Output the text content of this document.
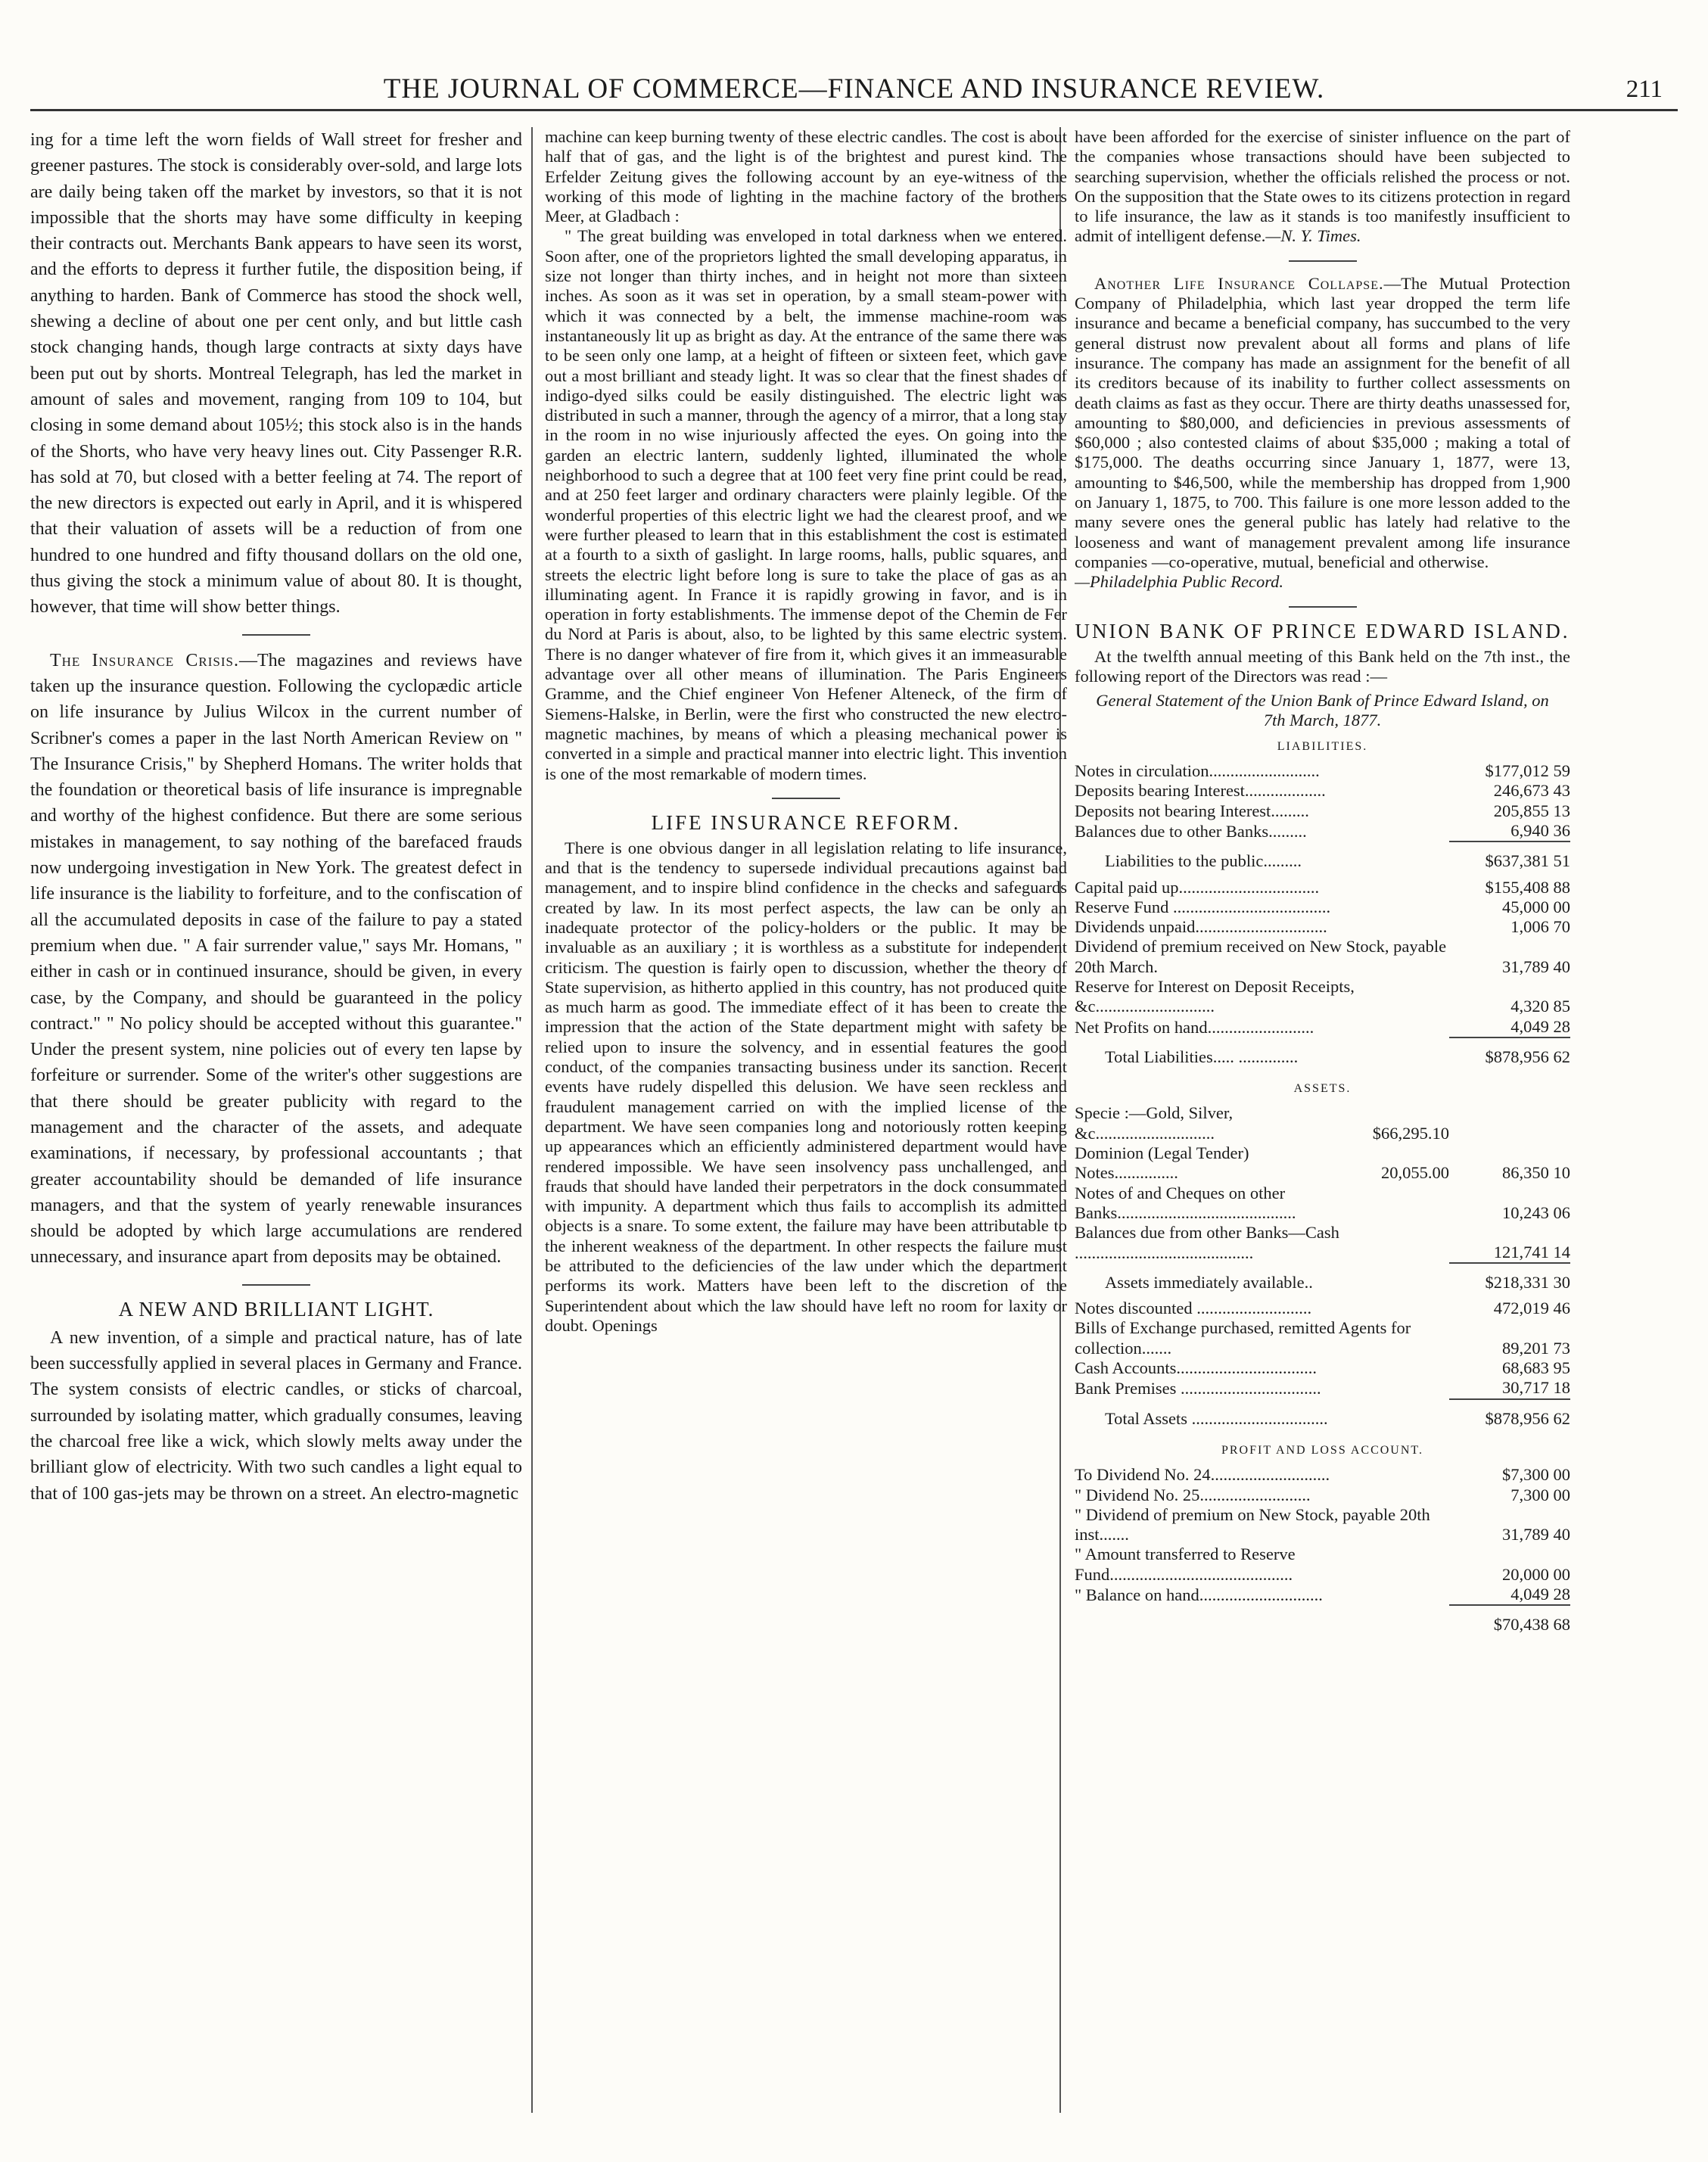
THE JOURNAL OF COMMERCE—FINANCE AND INSURANCE REVIEW.	211

ing for a time left the worn fields of Wall street for fresher and greener pastures. The stock is considerably over-sold, and large lots are daily being taken off the market by investors, so that it is not impossible that the shorts may have some difficulty in keeping their contracts out. Merchants Bank appears to have seen its worst, and the efforts to depress it further futile, the disposition being, if anything to harden. Bank of Commerce has stood the shock well, shewing a decline of about one per cent only, and but little cash stock changing hands, though large contracts at sixty days have been put out by shorts. Montreal Telegraph, has led the market in amount of sales and movement, ranging from 109 to 104, but closing in some demand about 105½; this stock also is in the hands of the Shorts, who have very heavy lines out. City Passenger R.R. has sold at 70, but closed with a better feeling at 74. The report of the new directors is expected out early in April, and it is whispered that their valuation of assets will be a reduction of from one hundred to one hundred and fifty thousand dollars on the old one, thus giving the stock a minimum value of about 80. It is thought, however, that time will show better things.

The Insurance Crisis.—The magazines and reviews have taken up the insurance question. Following the cyclopædic article on life insurance by Julius Wilcox in the current number of Scribner's comes a paper in the last North American Review on " The Insurance Crisis," by Shepherd Homans. The writer holds that the foundation or theoretical basis of life insurance is impregnable and worthy of the highest confidence. But there are some serious mistakes in management, to say nothing of the barefaced frauds now undergoing investigation in New York. The greatest defect in life insurance is the liability to forfeiture, and to the confiscation of all the accumulated deposits in case of the failure to pay a stated premium when due. " A fair surrender value," says Mr. Homans, " either in cash or in continued insurance, should be given, in every case, by the Company, and should be guaranteed in the policy contract." " No policy should be accepted without this guarantee." Under the present system, nine policies out of every ten lapse by forfeiture or surrender. Some of the writer's other suggestions are that there should be greater publicity with regard to the management and the character of the assets, and adequate examinations, if necessary, by professional accountants ; that greater accountability should be demanded of life insurance managers, and that the system of yearly renewable insurances should be adopted by which large accumulations are rendered unnecessary, and insurance apart from deposits may be obtained.

A NEW AND BRILLIANT LIGHT.

A new invention, of a simple and practical nature, has of late been successfully applied in several places in Germany and France. The system consists of electric candles, or sticks of charcoal, surrounded by isolating matter, which gradually consumes, leaving the charcoal free like a wick, which slowly melts away under the brilliant glow of electricity. With two such candles a light equal to that of 100 gas-jets may be thrown on a street. An electro-magnetic

machine can keep burning twenty of these electric candles. The cost is about half that of gas, and the light is of the brightest and purest kind. The Erfelder Zeitung gives the following account by an eye-witness of the working of this mode of lighting in the machine factory of the brothers Meer, at Gladbach :

" The great building was enveloped in total darkness when we entered. Soon after, one of the proprietors lighted the small developing apparatus, in size not longer than thirty inches, and in height not more than sixteen inches. As soon as it was set in operation, by a small steam-power with which it was connected by a belt, the immense machine-room was instantaneously lit up as bright as day. At the entrance of the same there was to be seen only one lamp, at a height of fifteen or sixteen feet, which gave out a most brilliant and steady light. It was so clear that the finest shades of indigo-dyed silks could be easily distinguished. The electric light was distributed in such a manner, through the agency of a mirror, that a long stay in the room in no wise injuriously affected the eyes. On going into the garden an electric lantern, suddenly lighted, illuminated the whole neighborhood to such a degree that at 100 feet very fine print could be read, and at 250 feet larger and ordinary characters were plainly legible. Of the wonderful properties of this electric light we had the clearest proof, and we were further pleased to learn that in this establishment the cost is estimated at a fourth to a sixth of gaslight. In large rooms, halls, public squares, and streets the electric light before long is sure to take the place of gas as an illuminating agent. In France it is rapidly growing in favor, and is in operation in forty establishments. The immense depot of the Chemin de Fer du Nord at Paris is about, also, to be lighted by this same electric system. There is no danger whatever of fire from it, which gives it an immeasurable advantage over all other means of illumination. The Paris Engineers Gramme, and the Chief engineer Von Hefener Alteneck, of the firm of Siemens-Halske, in Berlin, were the first who constructed the new electro-magnetic machines, by means of which a pleasing mechanical power is converted in a simple and practical manner into electric light. This invention is one of the most remarkable of modern times.

LIFE INSURANCE REFORM.

There is one obvious danger in all legislation relating to life insurance, and that is the tendency to supersede individual precautions against bad management, and to inspire blind confidence in the checks and safeguards created by law. In its most perfect aspects, the law can be only an inadequate protector of the policy-holders or the public. It may be invaluable as an auxiliary ; it is worthless as a substitute for independent criticism. The question is fairly open to discussion, whether the theory of State supervision, as hitherto applied in this country, has not produced quite as much harm as good. The immediate effect of it has been to create the impression that the action of the State department might with safety be relied upon to insure the solvency, and in essential features the good conduct, of the companies transacting business under its sanction. Recent events have rudely dispelled this delusion. We have seen reckless and fraudulent management carried on with the implied license of the department. We have seen companies long and notoriously rotten keeping up appearances which an efficiently administered department would have rendered impossible. We have seen insolvency pass unchallenged, and frauds that should have landed their perpetrators in the dock consummated with impunity. A department which thus fails to accomplish its admitted objects is a snare. To some extent, the failure may have been attributable to the inherent weakness of the department. In other respects the failure must be attributed to the deficiencies of the law under which the department performs its work. Matters have been left to the discretion of the Superintendent about which the law should have left no room for laxity or doubt. Openings

have been afforded for the exercise of sinister influence on the part of the companies whose transactions should have been subjected to searching supervision, whether the officials relished the process or not. On the supposition that the State owes to its citizens protection in regard to life insurance, the law as it stands is too manifestly insufficient to admit of intelligent defense.—N. Y. Times.

Another Life Insurance Collapse.—The Mutual Protection Company of Philadelphia, which last year dropped the term life insurance and became a beneficial company, has succumbed to the very general distrust now prevalent about all forms and plans of life insurance. The company has made an assignment for the benefit of all its creditors because of its inability to further collect assessments on death claims as fast as they occur. There are thirty deaths unassessed for, amounting to $80,000, and deficiencies in previous assessments of $60,000 ; also contested claims of about $35,000 ; making a total of $175,000. The deaths occurring since January 1, 1877, were 13, amounting to $46,500, while the membership has dropped from 1,900 on January 1, 1875, to 700. This failure is one more lesson added to the many severe ones the general public has lately had relative to the looseness and want of management prevalent among life insurance companies —co-operative, mutual, beneficial and otherwise.

—Philadelphia Public Record.

UNION BANK OF PRINCE EDWARD ISLAND.

At the twelfth annual meeting of this Bank held on the 7th inst., the following report of the Directors was read :—

General Statement of the Union Bank of Prince Edward Island, on 7th March, 1877.
LIABILITIES.
Notes in circulation..........................	$177,012 59
Deposits bearing Interest...................	246,673 43
Deposits not bearing Interest.........	205,855 13
Balances due to other Banks.........	6,940 36
Liabilities to the public.........	$637,381 51
Capital paid up.................................	$155,408 88
Reserve Fund .....................................	45,000 00
Dividends unpaid...............................	1,006 70
Dividend of premium received on New Stock, payable 20th March.	31,789 40
Reserve for Interest on Deposit Receipts, &c............................	4,320 85
Net Profits on hand.........................	4,049 28
Total Liabilities..... ..............	$878,956 62
ASSETS.
Specie :—Gold, Silver, &c............................	$66,295.10	
Dominion (Legal Tender) Notes...............	20,055.00	86,350 10
Notes of and Cheques on other Banks..........................................		10,243 06
Balances due from other Banks—Cash ..........................................		121,741 14
Assets immediately available..		$218,331 30
Notes discounted ...........................		472,019 46
Bills of Exchange purchased, remitted Agents for collection.......		89,201 73
Cash Accounts.................................		68,683 95
Bank Premises .................................		30,717 18
Total Assets ................................		$878,956 62
PROFIT AND LOSS ACCOUNT.
To Dividend No. 24............................	$7,300 00
" Dividend No. 25..........................	7,300 00
" Dividend of premium on New Stock, payable 20th inst.......	31,789 40
" Amount transferred to Reserve Fund...........................................	20,000 00
" Balance on hand.............................	4,049 28
	$70,438 68
